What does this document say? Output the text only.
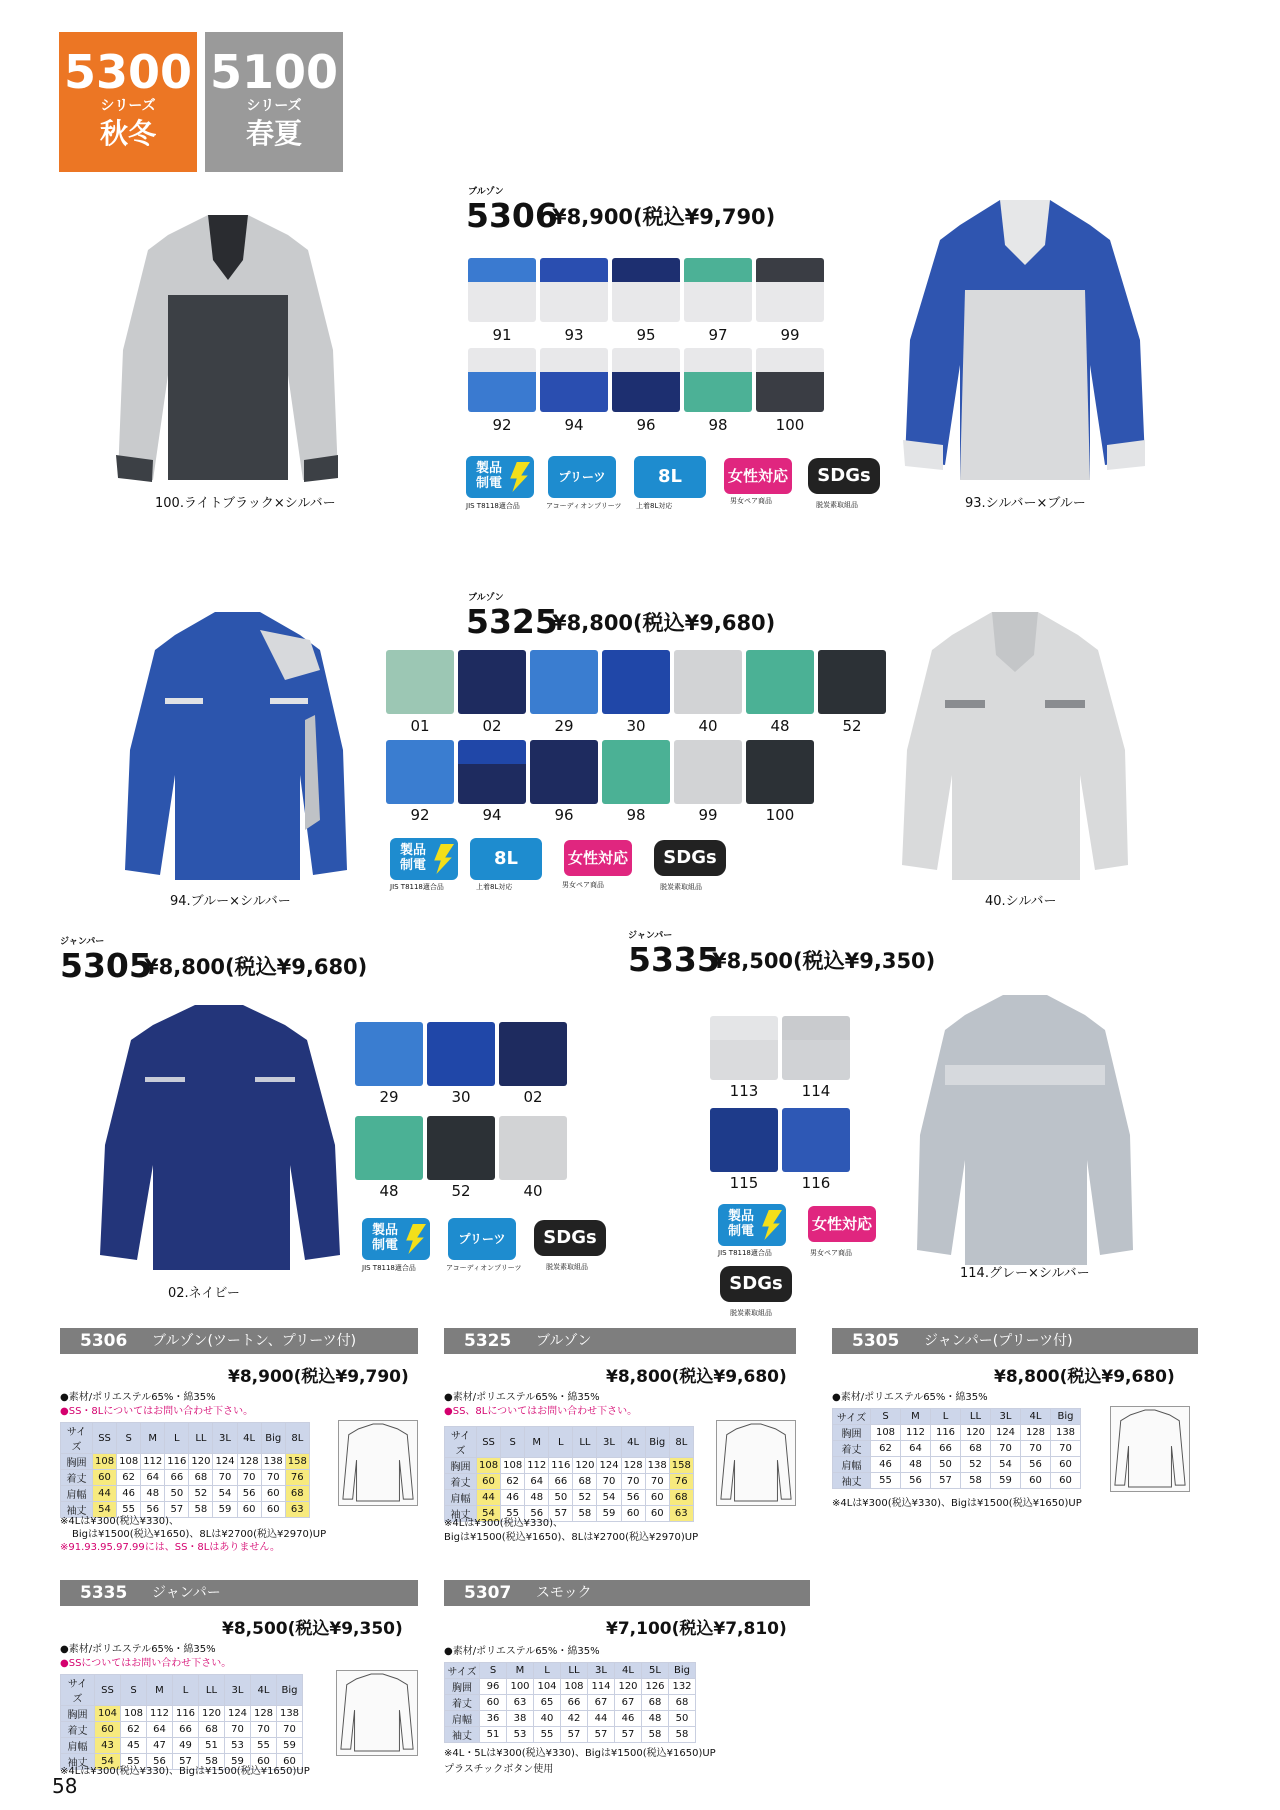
5300
シリーズ
秋冬
5100
シリーズ
春夏
ブルゾン
5306
¥8,900(税込¥9,790)
100.ライトブラック×シルバー	93.シルバー×ブルー
91	93	95	97	99
92	94	96	98	100
製品
制電
JIS T8118適合品
プリーツ
アコーディオンプリーツ
8L
上着8L対応
女性対応
男女ペア商品
SDGs
脱炭素取組品
ブルゾン
5325
¥8,800(税込¥9,680)
94.ブルー×シルバー	40.シルバー
01	02	29	30	40	48	52
92	94	96	98	99	100
製品
制電
JIS T8118適合品
8L
上着8L対応
女性対応
男女ペア商品
SDGs
脱炭素取組品
ジャンパー
5305
¥8,800(税込¥9,680)
02.ネイビー
29	30	02
48	52	40
製品
制電
JIS T8118適合品
プリーツ
アコーディオンプリーツ
SDGs
脱炭素取組品
ジャンパー
5335
¥8,500(税込¥9,350)
114.グレー×シルバー
113	114
115	116
製品
制電
JIS T8118適合品
女性対応
男女ペア商品
SDGs
脱炭素取組品
5306 ブルゾン(ツートン、プリーツ付)
¥8,900(税込¥9,790)
●素材/ポリエステル65%・綿35%
●SS・8Lについてはお問い合わせ下さい。
サイズ	SS	S	M	L	LL	3L	4L	Big	8L
胸囲	108	108	112	116	120	124	128	138	158
着丈	60	62	64	66	68	70	70	70	76
肩幅	44	46	48	50	52	54	56	60	68
袖丈	54	55	56	57	58	59	60	60	63
※4Lは¥300(税込¥330)、
Bigは¥1500(税込¥1650)、8Lは¥2700(税込¥2970)UP
※91.93.95.97.99には、SS・8Lはありません。
5325 ブルゾン
¥8,800(税込¥9,680)
●素材/ポリエステル65%・綿35%
●SS、8Lについてはお問い合わせ下さい。
サイズ	SS	S	M	L	LL	3L	4L	Big	8L
胸囲	108	108	112	116	120	124	128	138	158
着丈	60	62	64	66	68	70	70	70	76
肩幅	44	46	48	50	52	54	56	60	68
袖丈	54	55	56	57	58	59	60	60	63
※4Lは¥300(税込¥330)、
Bigは¥1500(税込¥1650)、8Lは¥2700(税込¥2970)UP
5305 ジャンパー(プリーツ付)
¥8,800(税込¥9,680)
●素材/ポリエステル65%・綿35%
サイズ	S	M	L	LL	3L	4L	Big
胸囲	108	112	116	120	124	128	138
着丈	62	64	66	68	70	70	70
肩幅	46	48	50	52	54	56	60
袖丈	55	56	57	58	59	60	60
※4Lは¥300(税込¥330)、Bigは¥1500(税込¥1650)UP
5335 ジャンパー
¥8,500(税込¥9,350)
●素材/ポリエステル65%・綿35%
●SSについてはお問い合わせ下さい。
サイズ	SS	S	M	L	LL	3L	4L	Big
胸囲	104	108	112	116	120	124	128	138
着丈	60	62	64	66	68	70	70	70
肩幅	43	45	47	49	51	53	55	59
袖丈	54	55	56	57	58	59	60	60
※4Lは¥300(税込¥330)、Bigは¥1500(税込¥1650)UP
5307 スモック
¥7,100(税込¥7,810)
●素材/ポリエステル65%・綿35%
サイズ	S	M	L	LL	3L	4L	5L	Big
胸囲	96	100	104	108	114	120	126	132
着丈	60	63	65	66	67	67	68	68
肩幅	36	38	40	42	44	46	48	50
袖丈	51	53	55	57	57	57	58	58
※4L・5Lは¥300(税込¥330)、Bigは¥1500(税込¥1650)UP
プラスチックボタン使用
58
